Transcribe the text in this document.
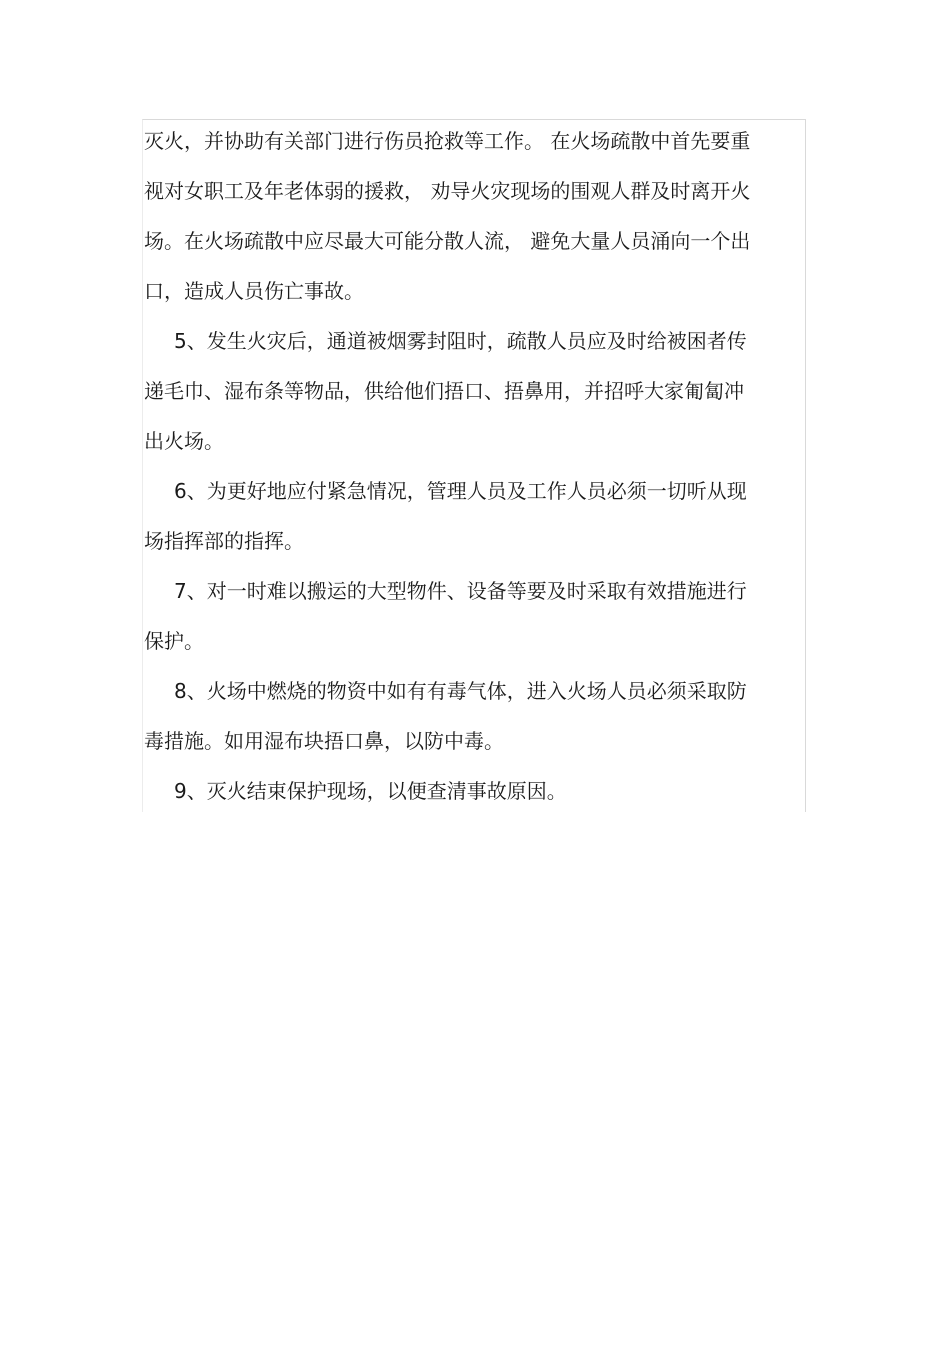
灭火，并协助有关部门进行伤员抢救等工作。 在火场疏散中首先要重
视对女职工及年老体弱的援救， 劝导火灾现场的围观人群及时离开火
场。在火场疏散中应尽最大可能分散人流， 避免大量人员涌向一个出
口，造成人员伤亡事故。
5、发生火灾后，通道被烟雾封阻时，疏散人员应及时给被困者传
递毛巾、湿布条等物品，供给他们捂口、捂鼻用，并招呼大家匍匐冲
出火场。
6、为更好地应付紧急情况，管理人员及工作人员必须一切听从现
场指挥部的指挥。
7、对一时难以搬运的大型物件、设备等要及时采取有效措施进行
保护。
8、火场中燃烧的物资中如有有毒气体，进入火场人员必须采取防
毒措施。如用湿布块捂口鼻，以防中毒。
9、灭火结束保护现场，以便查清事故原因。
